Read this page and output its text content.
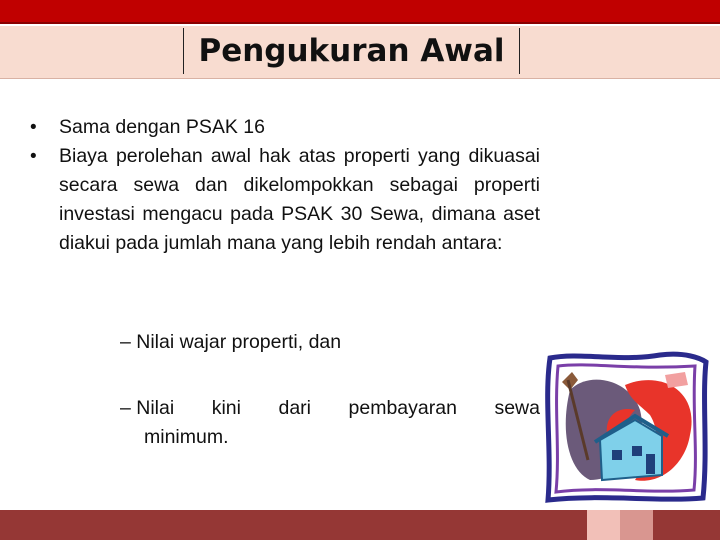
Pengukuran Awal
• Sama dengan PSAK 16
• Biaya perolehan awal hak atas properti yang dikuasai secara sewa dan dikelompokkan sebagai properti investasi mengacu pada PSAK 30 Sewa, dimana aset diakui pada jumlah mana yang lebih rendah antara:
– Nilai wajar properti, dan
– Nilai kini dari pembayaran sewa
minimum.
